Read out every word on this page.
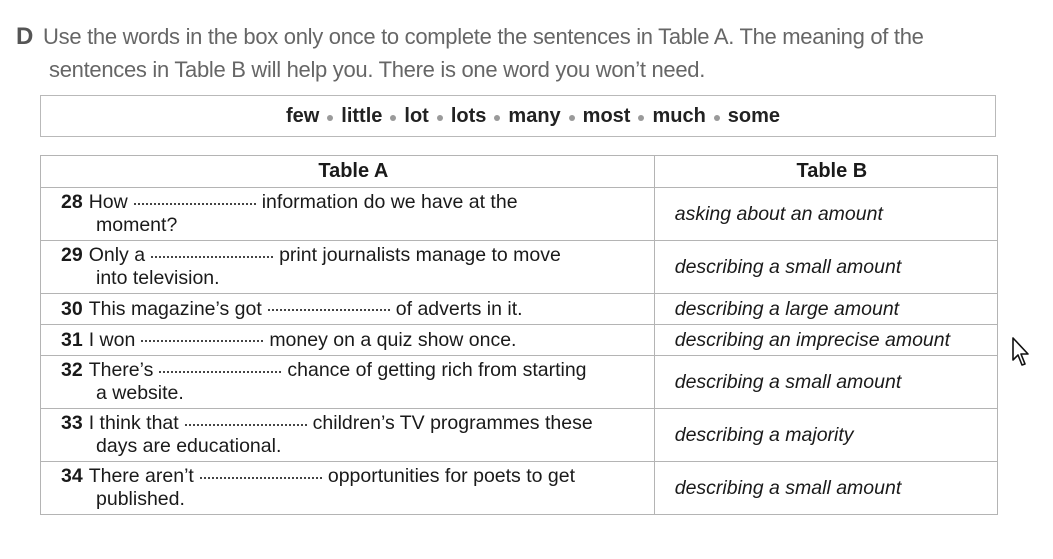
D Use the words in the box only once to complete the sentences in Table A. The meaning of the
sentences in Table B will help you. There is one word you won’t need.
few little lot lots many most much some
Table A	Table B
28 How information do we have at the
moment?	asking about an amount
29 Only a print journalists manage to move
into television.	describing a small amount
30 This magazine’s got of adverts in it.	describing a large amount
31 I won money on a quiz show once.	describing an imprecise amount
32 There’s chance of getting rich from starting
a website.	describing a small amount
33 I think that children’s TV programmes these
days are educational.	describing a majority
34 There aren’t opportunities for poets to get
published.	describing a small amount
